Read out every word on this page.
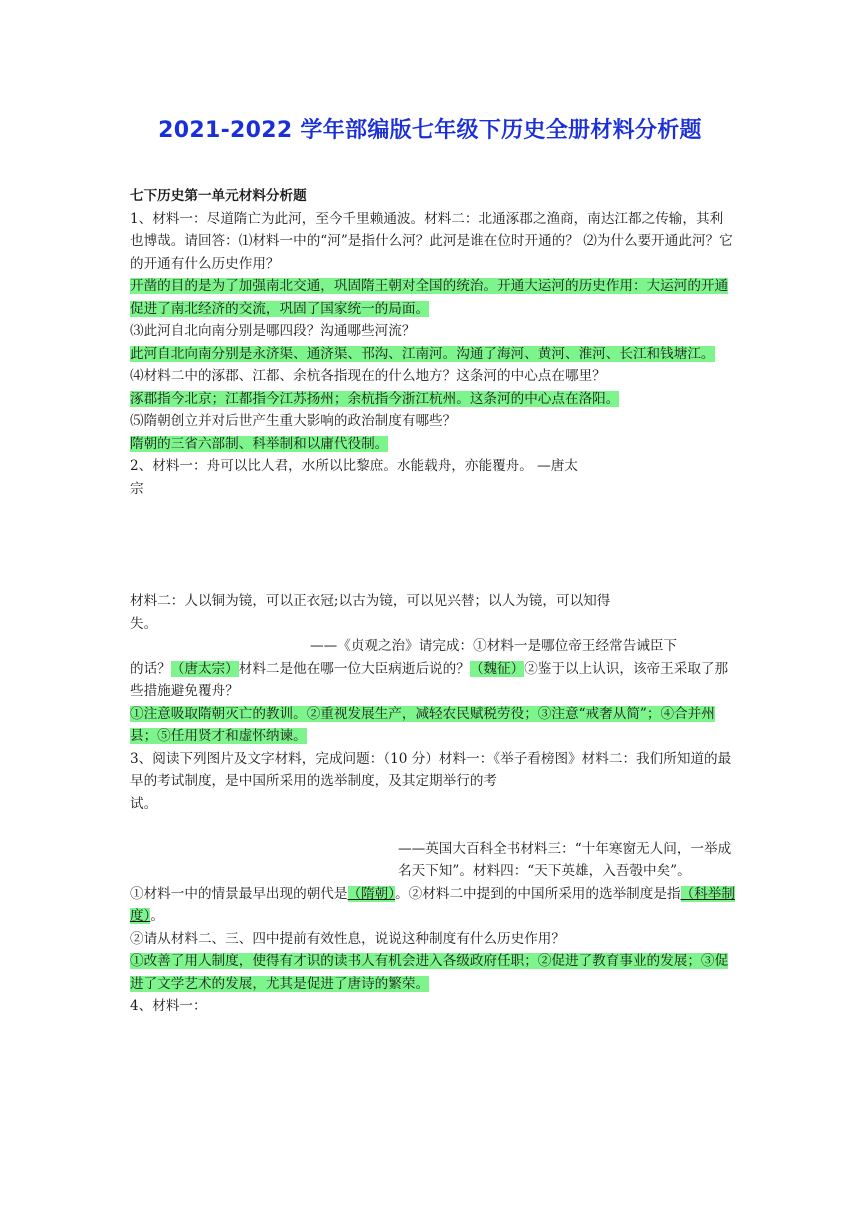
2021-2022 学年部编版七年级下历史全册材料分析题

七下历史第一单元材料分析题

1、材料一：尽道隋亡为此河，至今千里赖通波。材料二：北通涿郡之渔商，南达江都之传输，其利也博哉。请回答：⑴材料一中的“河”是指什么河？此河是谁在位时开通的？ ⑵为什么要开通此河？它的开通有什么历史作用？

开凿的目的是为了加强南北交通，巩固隋王朝对全国的统治。开通大运河的历史作用：大运河的开通促进了南北经济的交流，巩固了国家统一的局面。

⑶此河自北向南分别是哪四段？沟通哪些河流？

此河自北向南分别是永济渠、通济渠、邗沟、江南河。沟通了海河、黄河、淮河、长江和钱塘江。

⑷材料二中的涿郡、江都、余杭各指现在的什么地方？这条河的中心点在哪里？

涿郡指今北京；江都指今江苏扬州；余杭指今浙江杭州。这条河的中心点在洛阳。

⑸隋朝创立并对后世产生重大影响的政治制度有哪些？

隋朝的三省六部制、科举制和以庸代役制。

2、材料一：舟可以比人君，水所以比黎庶。水能载舟，亦能覆舟。 —唐太

宗

材料二：人以铜为镜，可以正衣冠;以古为镜，可以见兴替；以人为镜，可以知得

失。

——《贞观之治》请完成：①材料一是哪位帝王经常告诫臣下

的话？（唐太宗）材料二是他在哪一位大臣病逝后说的？（魏征）②鉴于以上认识，该帝王采取了那些措施避免覆舟？

①注意吸取隋朝灭亡的教训。②重视发展生产，减轻农民赋税劳役；③注意“戒奢从简”；④合并州县；⑤任用贤才和虚怀纳谏。

3、阅读下列图片及文字材料，完成问题：（10 分）材料一：《举子看榜图》材料二：我们所知道的最早的考试制度，是中国所采用的选举制度，及其定期举行的考

试。

——英国大百科全书材料三：“十年寒窗无人问，一举成名天下知”。材料四：“天下英雄，入吾彀中矣”。

①材料一中的情景最早出现的朝代是（隋朝）。②材料二中提到的中国所采用的选举制度是指（科举制度）。

②请从材料二、三、四中提前有效性息，说说这种制度有什么历史作用？

①改善了用人制度，使得有才识的读书人有机会进入各级政府任职；②促进了教育事业的发展；③促进了文学艺术的发展，尤其是促进了唐诗的繁荣。

4、材料一：
